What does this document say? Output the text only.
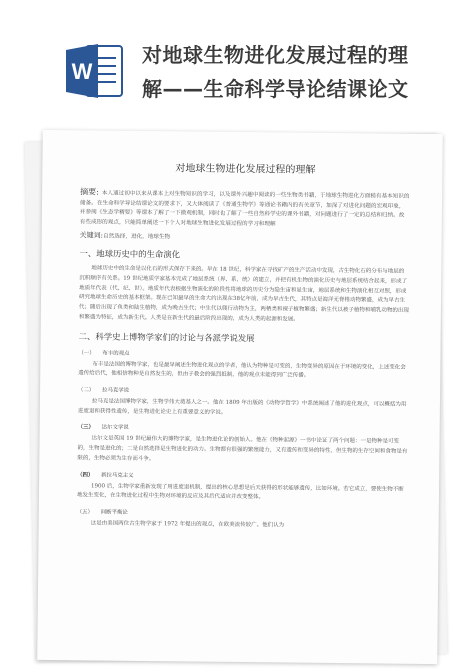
W
对地球生物进化发展过程的理
解——生命科学导论结课论文
对地球生物进化发展过程的理解
摘要: 本人通过初中以来从课本上对生物知识的学习，以及课外兴趣中阅读的一些生物类书籍，于地球生物进化方面稍有基本知识的储备。在生命科学导论结课论文的要求下，又大体阅读了《普通生物学》等通论书籍内的有关章节，加深了对进化问题的宏观印象，并参阅《生态学精要》等课本了解了一下微观机制，同时也了解了一些自然科学史的课外书籍，对问题进行了一定的总结和归纳。故有些成形的观点，只能简单阐述一下个人对地球生物进化发展过程的学习和理解
关键词:自然选择，进化，地球生物
一、地球历史中的生命演化
地球历史中的生命是以化石的形式保存下来的。早在 18 世纪，科学家在寻找矿产的生产活动中发现，古生物化石的分布与地层的沉积顺序有关系。19 世纪地质学家基本完成了地层系统（界、系、统）的建立，并把有机生物的演化历史与地层系统结合起来，形成了地质年代表（代、纪、世）。地质年代表根据生物演化的阶段性将地球的历史分为隐生宙和显生宙，地层系统和生物演化相互对照，形成研究地球生命历史的基本框架。现在已知最早的生命大约出现在38亿年前，成为早古生代，其特点是海洋无脊椎动物繁盛，成为早古生代；随后出现了鱼类和陆生植物，成为晚古生代；中生代以爬行动物为主，两栖类和裸子植物繁盛；新生代以被子植物和哺乳动物的出现和繁盛为特征，成为新生代。人类是在新生代的最后阶段出现的，成为人类的起源和发展。
二、科学史上博物学家们的讨论与各派学说发展
（一） 布丰的观点
布丰是法国的博物学家，也是最早阐述生物进化观点的学者，他认为物种是可变的，生物变异的原因在于环境的变化，上述变化会遗传给后代，他相信物种是自然发生的，但由于教会的强烈抵制，他的观点未能得到广泛传播。
（二） 拉马克学说
拉马克是法国博物学家，生物学伟大奠基人之一。他在 1809 年出版的《动物学哲学》中系统阐述了他的进化观点，可以概括为用进废退和获得性遗传，是生物进化论史上有重要意义的学说。
（三） 达尔文学说
达尔文是英国 19 世纪最伟大的博物学家，是生物进化论的创始人。他在《物种起源》一书中论证了两个问题：一是物种是可变的，生物是进化的；二是自然选择是生物进化的动力。生物都有很强的繁殖能力，又有遗传和变异的特性，但生物的生存空间和食物是有限的，生物必须为生存而斗争。
（四） 新拉马克主义
1900 后，生物学家重新发现了用进废退机制，提出的核心思想是后天获得的形状能够遗传，比如环境。若它成立，要使生物不断地发生变化，在生物进化过程中生物对环境的反应及其后代适应并改变整体。
（五） 间断平衡论
这是由美国两位古生物学家于 1972 年提出的观点，在欧美流传较广。他们认为
